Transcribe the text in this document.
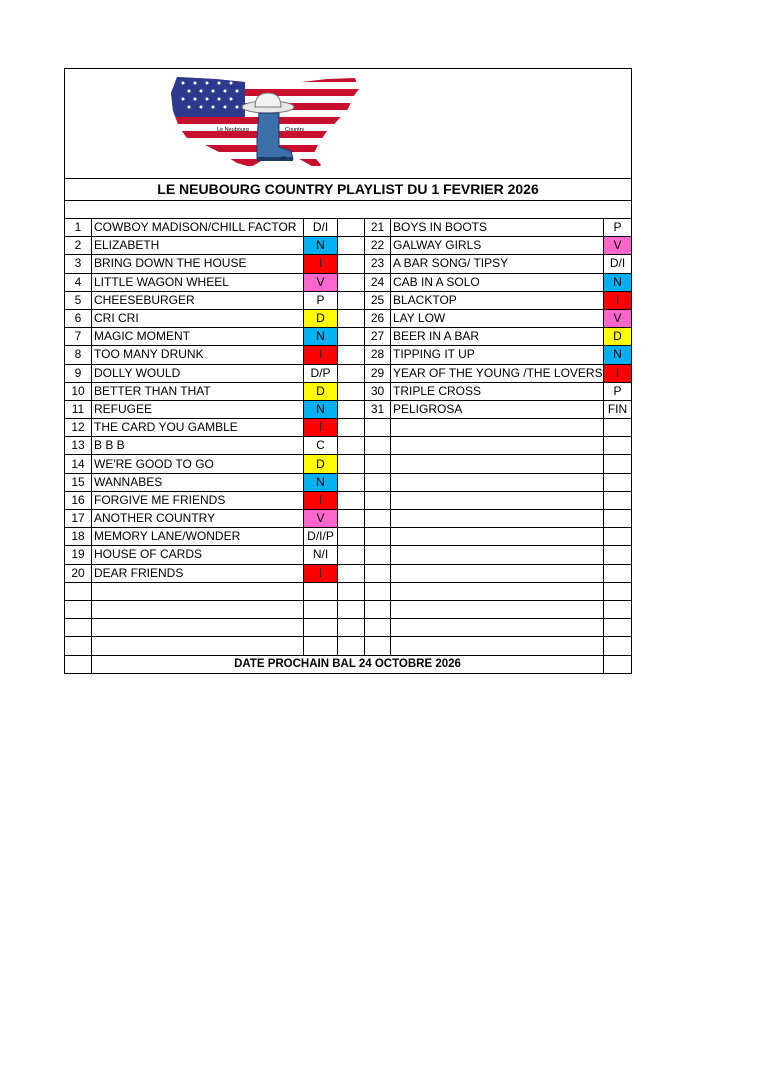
Le Neubourg Country
27						

LE NEUBOURG COUNTRY PLAYLIST DU 1 FEVRIER 2026						

1	COWBOY MADISON/CHILL FACTOR	D/I		21	BOYS IN BOOTS	P
2	ELIZABETH	N		22	GALWAY GIRLS	V
3	BRING DOWN THE HOUSE	I		23	A BAR SONG/ TIPSY	D/I
4	LITTLE WAGON WHEEL	V		24	CAB IN A SOLO	N
5	CHEESEBURGER	P		25	BLACKTOP	I
6	CRI CRI	D		26	LAY LOW	V
7	MAGIC MOMENT	N		27	BEER IN A BAR	D
8	TOO MANY DRUNK	I		28	TIPPING IT UP	N
9	DOLLY WOULD	D/P		29	YEAR OF THE YOUNG /THE LOVERS	I
10	BETTER THAN THAT	D		30	TRIPLE CROSS	P
11	REFUGEE	N		31	PELIGROSA	FIN
12	THE CARD YOU GAMBLE	I				
13	B B B	C				
14	WE'RE GOOD TO GO	D				
15	WANNABES	N				
16	FORGIVE ME FRIENDS	I				
17	ANOTHER COUNTRY	V				
18	MEMORY LANE/WONDER	D/I/P				
19	HOUSE OF CARDS	N/I				
20	DEAR FRIENDS	I				

	DATE PROCHAIN BAL 24 OCTOBRE 2026					
